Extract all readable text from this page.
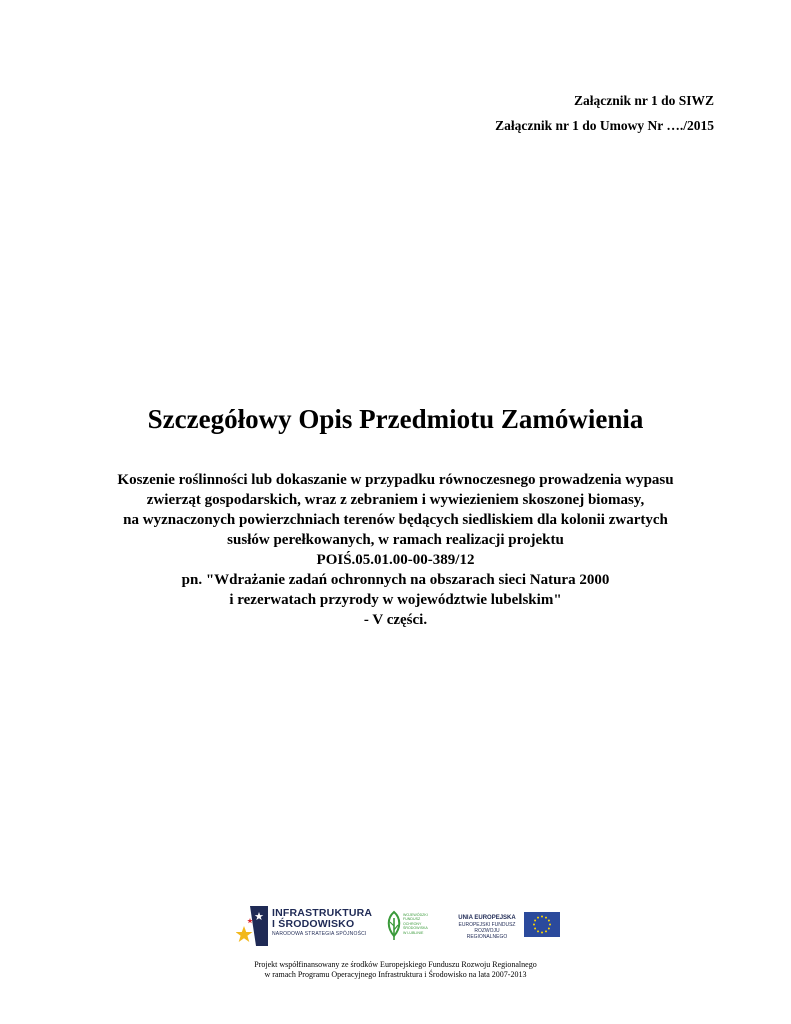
Załącznik nr 1 do SIWZ
Załącznik nr 1 do Umowy Nr …./2015
Szczegółowy Opis Przedmiotu Zamówienia
Koszenie roślinności lub dokaszanie w przypadku równoczesnego prowadzenia wypasu
zwierząt gospodarskich, wraz z zebraniem i wywiezieniem skoszonej biomasy,
na wyznaczonych powierzchniach terenów będących siedliskiem dla kolonii zwartych
susłów perełkowanych, w ramach realizacji projektu
POIŚ.05.01.00-00-389/12
pn. "Wdrażanie zadań ochronnych na obszarach sieci Natura 2000
i rezerwatach przyrody w województwie lubelskim"
- V części.
INFRASTRUKTURA
I ŚRODOWISKO
NARODOWA STRATEGIA SPÓJNOŚCI
WOJEWÓDZKI
FUNDUSZ
OCHRONY
ŚRODOWISKA
W LUBLINIE
UNIA EUROPEJSKA
EUROPEJSKI FUNDUSZ
ROZWOJU REGIONALNEGO
Projekt współfinansowany ze środków Europejskiego Funduszu Rozwoju Regionalnego
w ramach Programu Operacyjnego Infrastruktura i Środowisko na lata 2007-2013
